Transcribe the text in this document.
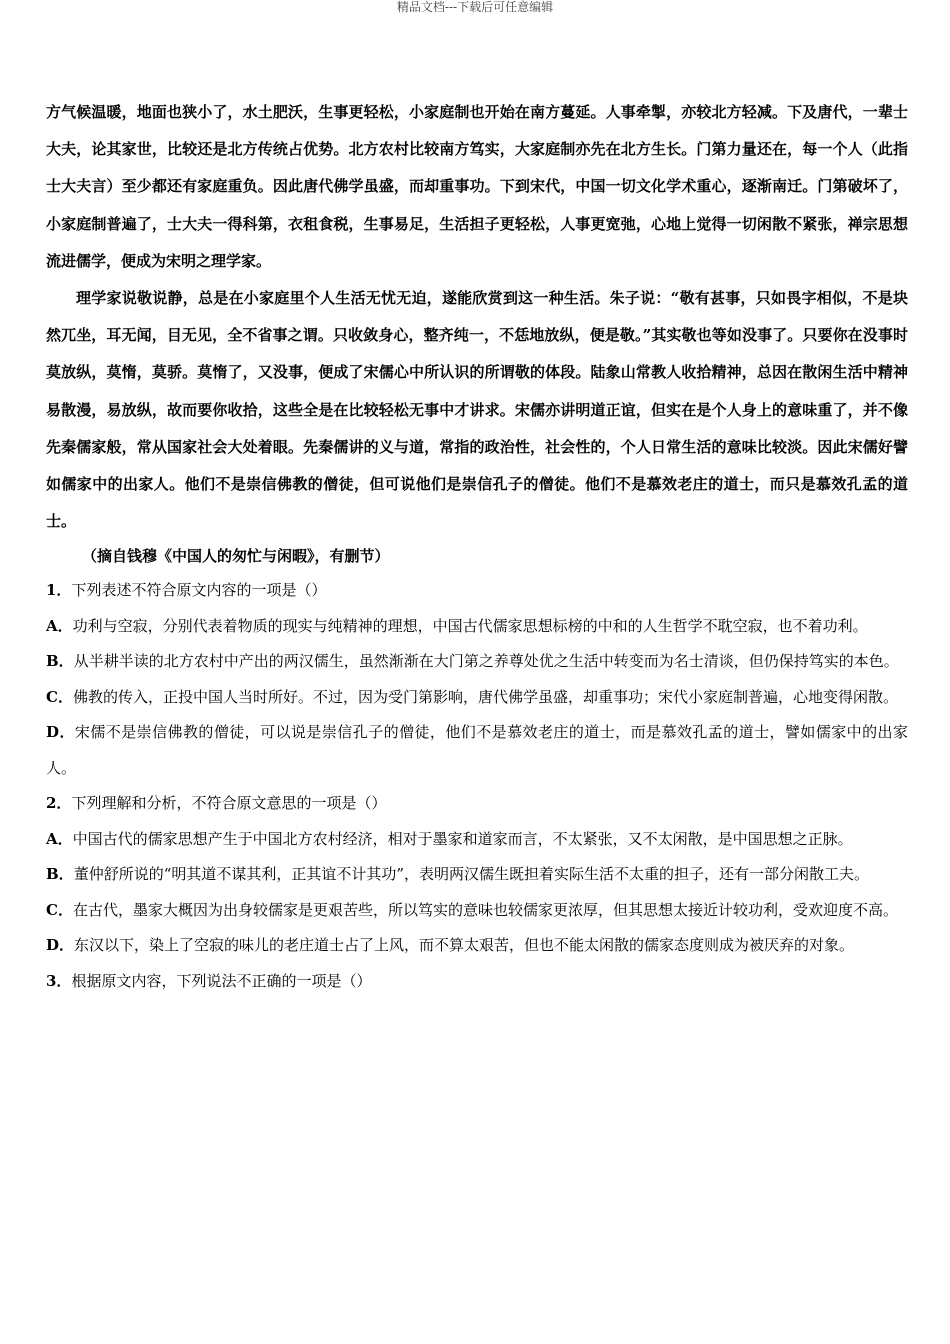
精品文档---下载后可任意编辑

方气候温暖，地面也狭小了，水土肥沃，生事更轻松，小家庭制也开始在南方蔓延。人事牵掣，亦较北方轻减。下及唐代，一辈士大夫，论其家世，比较还是北方传统占优势。北方农村比较南方笃实，大家庭制亦先在北方生长。门第力量还在，每一个人（此指士大夫言）至少都还有家庭重负。因此唐代佛学虽盛，而却重事功。下到宋代，中国一切文化学术重心，逐渐南迁。门第破坏了，小家庭制普遍了，士大夫一得科第，衣租食税，生事易足，生活担子更轻松，人事更宽弛，心地上觉得一切闲散不紧张，禅宗思想流进儒学，便成为宋明之理学家。

理学家说敬说静，总是在小家庭里个人生活无忧无迫，遂能欣赏到这一种生活。朱子说：“敬有甚事，只如畏字相似，不是块然兀坐，耳无闻，目无见，全不省事之谓。只收敛身心，整齐纯一，不恁地放纵，便是敬。”其实敬也等如没事了。只要你在没事时莫放纵，莫惰，莫骄。莫惰了，又没事，便成了宋儒心中所认识的所谓敬的体段。陆象山常教人收拾精神，总因在散闲生活中精神易散漫，易放纵，故而要你收拾，这些全是在比较轻松无事中才讲求。宋儒亦讲明道正谊，但实在是个人身上的意味重了，并不像先秦儒家般，常从国家社会大处着眼。先秦儒讲的义与道，常指的政治性，社会性的，个人日常生活的意味比较淡。因此宋儒好譬如儒家中的出家人。他们不是崇信佛教的僧徒，但可说他们是崇信孔子的僧徒。他们不是慕效老庄的道士，而只是慕效孔孟的道士。

（摘自钱穆《中国人的匆忙与闲暇》，有删节）

1．下列表述不符合原文内容的一项是（）

A．功利与空寂，分别代表着物质的现实与纯精神的理想，中国古代儒家思想标榜的中和的人生哲学不耽空寂，也不着功利。

B．从半耕半读的北方农村中产出的两汉儒生，虽然渐渐在大门第之养尊处优之生活中转变而为名士清谈，但仍保持笃实的本色。

C．佛教的传入，正投中国人当时所好。不过，因为受门第影响，唐代佛学虽盛，却重事功；宋代小家庭制普遍，心地变得闲散。

D．宋儒不是崇信佛教的僧徒，可以说是崇信孔子的僧徒，他们不是慕效老庄的道士，而是慕效孔孟的道士，譬如儒家中的出家人。

2．下列理解和分析，不符合原文意思的一项是（）

A．中国古代的儒家思想产生于中国北方农村经济，相对于墨家和道家而言，不太紧张，又不太闲散，是中国思想之正脉。

B．董仲舒所说的“明其道不谋其利，正其谊不计其功”，表明两汉儒生既担着实际生活不太重的担子，还有一部分闲散工夫。

C．在古代，墨家大概因为出身较儒家是更艰苦些，所以笃实的意味也较儒家更浓厚，但其思想太接近计较功利，受欢迎度不高。

D．东汉以下，染上了空寂的味儿的老庄道士占了上风，而不算太艰苦，但也不能太闲散的儒家态度则成为被厌弃的对象。

3．根据原文内容，下列说法不正确的一项是（）
